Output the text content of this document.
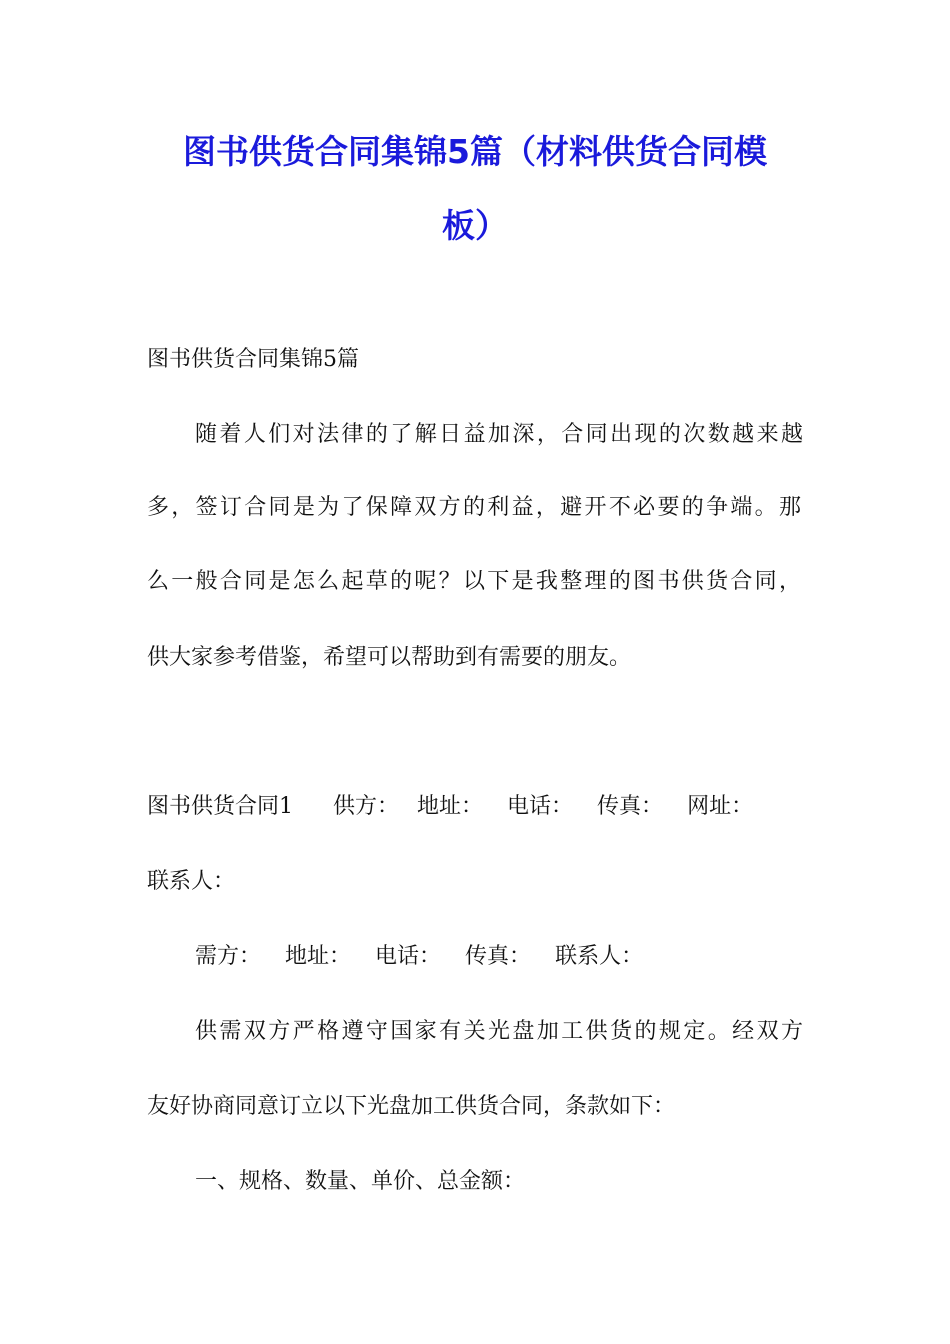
图书供货合同集锦5篇（材料供货合同模
板）
图书供货合同集锦5篇
随着人们对法律的了解日益加深，合同出现的次数越来越
多，签订合同是为了保障双方的利益，避开不必要的争端。那
么一般合同是怎么起草的呢？以下是我整理的图书供货合同，
供大家参考借鉴，希望可以帮助到有需要的朋友。
图书供货合同1 供方： 地址： 电话： 传真： 网址：
联系人：
需方： 地址： 电话： 传真： 联系人：
供需双方严格遵守国家有关光盘加工供货的规定。经双方
友好协商同意订立以下光盘加工供货合同，条款如下：
一、规格、数量、单价、总金额：
